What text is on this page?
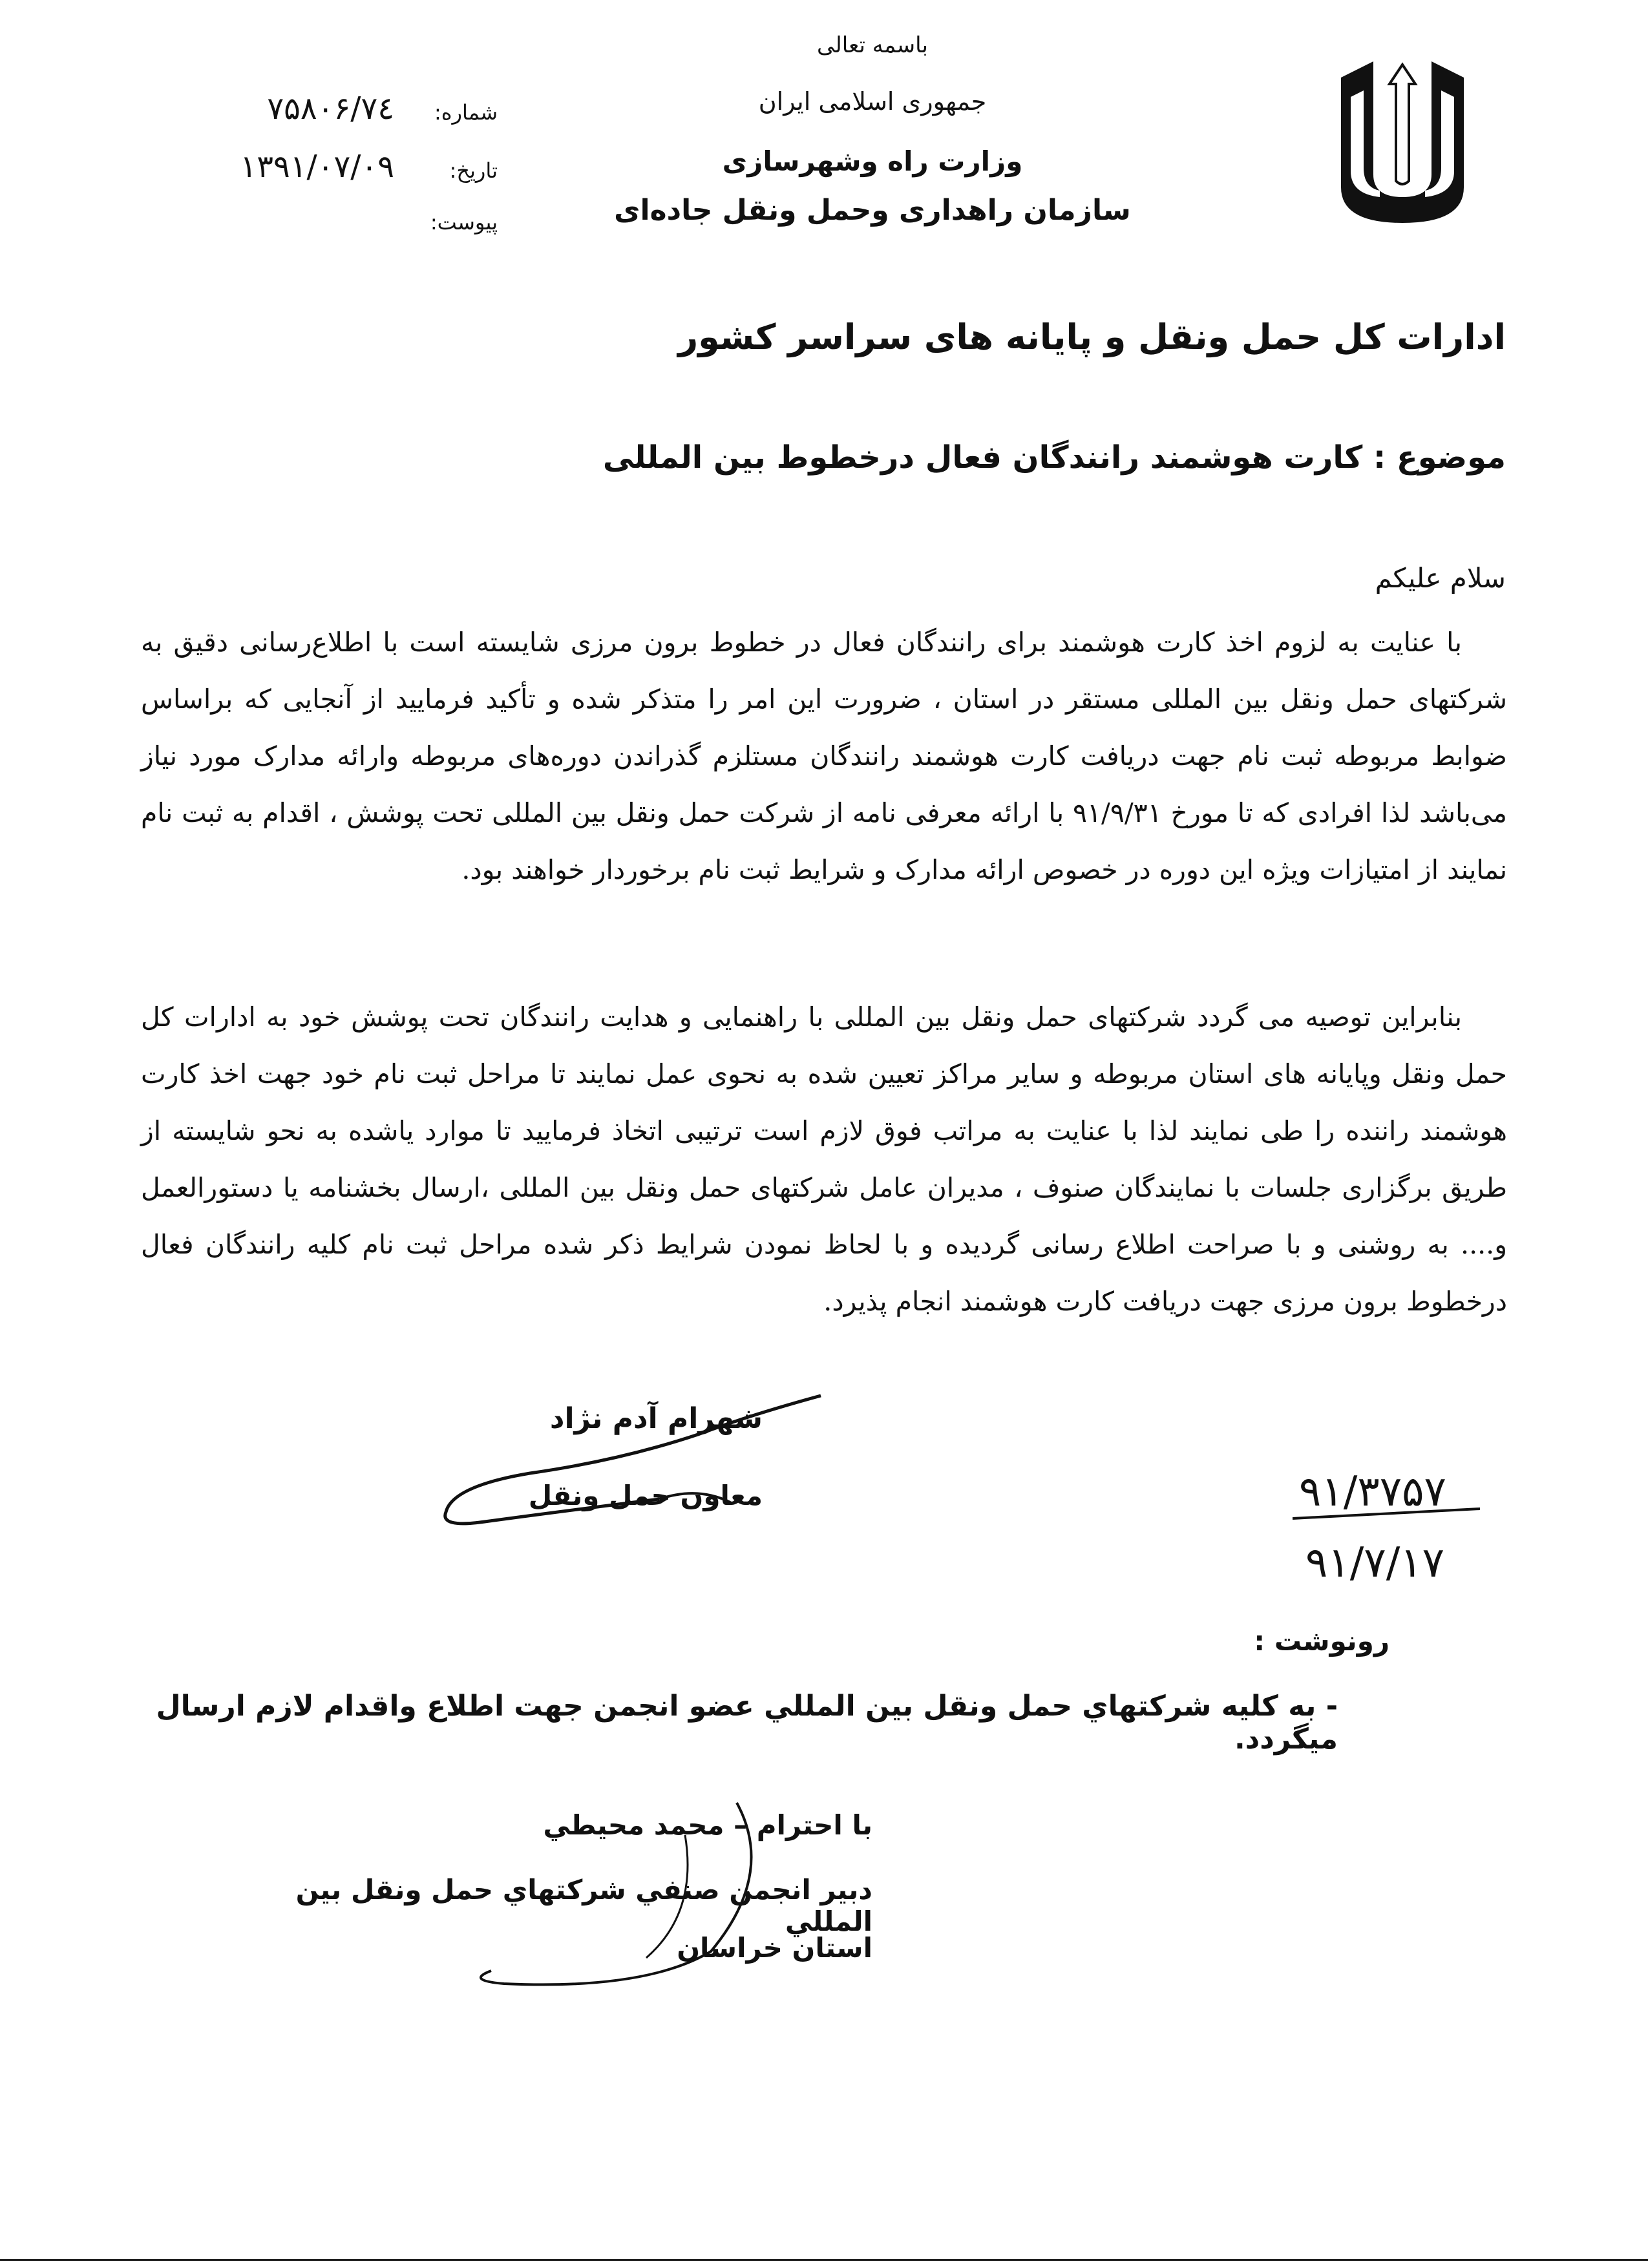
باسمه تعالی
جمهوری اسلامی ایران
وزارت راه وشهرسازی
سازمان راهداری وحمل ونقل جاده‌ای
شماره:
۷۵۸۰۶/۷٤
تاریخ:
۱۳۹۱/۰۷/۰۹
پیوست:
ادارات کل حمل ونقل و پایانه های سراسر کشور
موضوع : کارت هوشمند رانندگان فعال درخطوط بین المللی
سلام علیکم
با عنایت به لزوم اخذ کارت هوشمند برای رانندگان فعال در خطوط برون مرزی شایسته است با اطلاع‌رسانی دقیق به شرکتهای حمل ونقل بین المللی مستقر در استان ، ضرورت این امر را متذکر شده و تأکید فرمایید از آنجایی که براساس ضوابط مربوطه ثبت نام جهت دریافت کارت هوشمند رانندگان مستلزم گذراندن دوره‌های مربوطه وارائه مدارک مورد نیاز می‌باشد لذا افرادی که تا مورخ ۹۱/۹/۳۱ با ارائه معرفی نامه از شرکت حمل ونقل بین المللی تحت پوشش ، اقدام به ثبت نام نمایند از امتیازات ویژه این دوره در خصوص ارائه مدارک و شرایط ثبت نام برخوردار خواهند بود.
بنابراین توصیه می گردد شرکتهای حمل ونقل بین المللی با راهنمایی و هدایت رانندگان تحت پوشش خود به ادارات کل حمل ونقل وپایانه های استان مربوطه و سایر مراکز تعیین شده به نحوی عمل نمایند تا مراحل ثبت نام خود جهت اخذ کارت هوشمند راننده را طی نمایند لذا با عنایت به مراتب فوق لازم است ترتیبی اتخاذ فرمایید تا موارد یاشده به نحو شایسته از طریق برگزاری جلسات با نمایندگان صنوف ، مدیران عامل شرکتهای حمل ونقل بین المللی ،ارسال بخشنامه یا دستورالعمل و.... به روشنی و با صراحت اطلاع رسانی گردیده و با لحاظ نمودن شرایط ذکر شده مراحل ثبت نام کلیه رانندگان فعال درخطوط برون مرزی جهت دریافت کارت هوشمند انجام پذیرد.
شهرام آدم نژاد
معاون حمل ونقل	۹۱/۳۷۵۷
۹۱/۷/۱۷
رونوشت :
- به كليه شركتهاي حمل ونقل بين المللي عضو انجمن جهت اطلاع واقدام لازم ارسال ميگردد.
با احترام – محمد محيطي
دبير انجمن صنفي شركتهاي حمل ونقل بين المللي
استان خراسان
